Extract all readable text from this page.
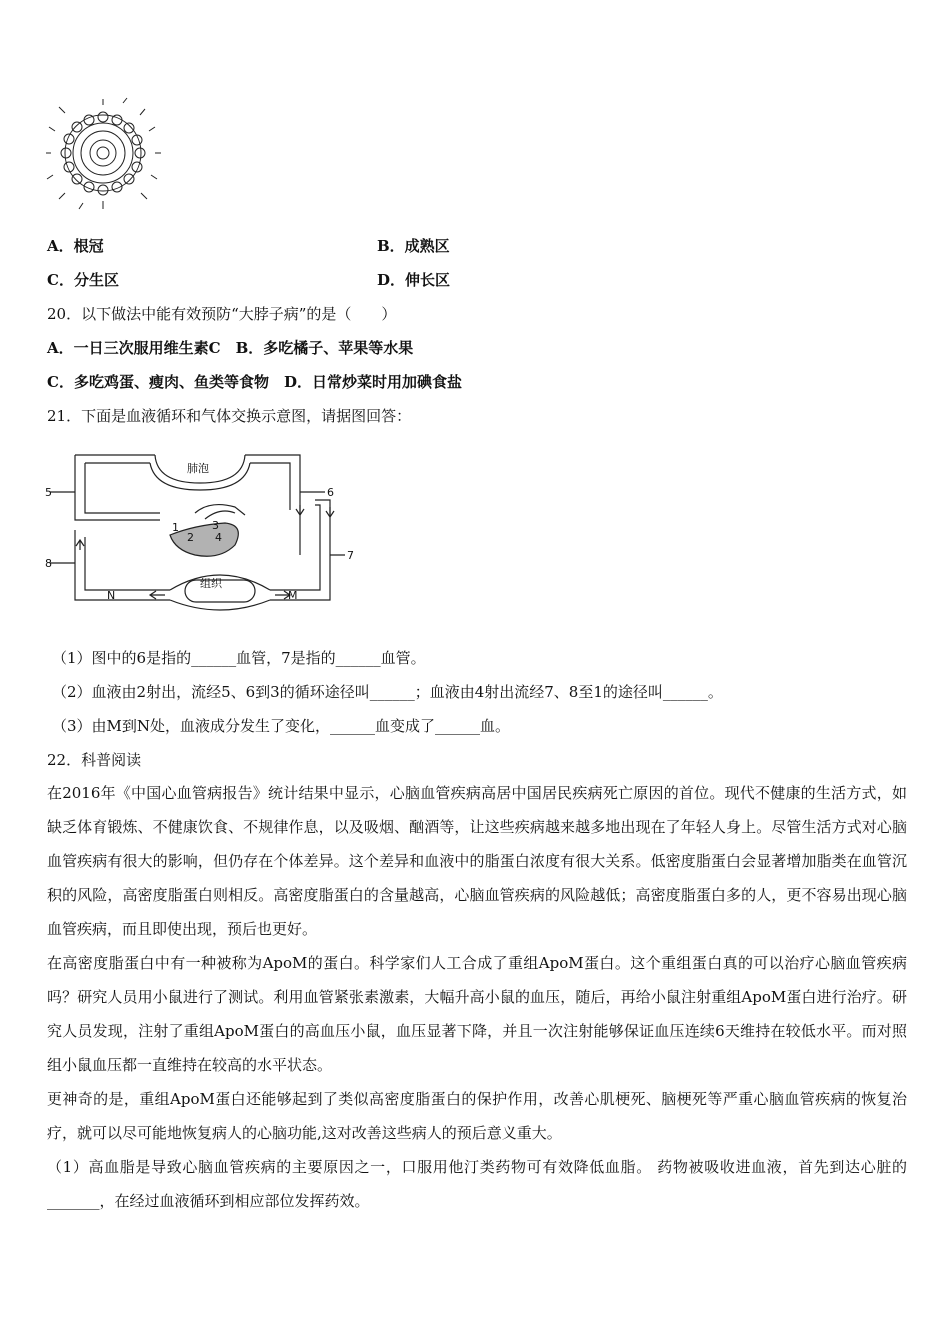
A．根冠	B．成熟区
C．分生区	D．伸长区
20．以下做法中能有效预防“大脖子病”的是（　　）
A．一日三次服用维生素C　B．多吃橘子、苹果等水果
C．多吃鸡蛋、瘦肉、鱼类等食物　D．日常炒菜时用加碘食盐
21．下面是血液循环和气体交换示意图，请据图回答：
肺泡
组织
1
2
3
4
5	6
7
8
N	M
（1）图中的6是指的______血管，7是指的______血管。
（2）血液由2射出，流经5、6到3的循环途径叫______；血液由4射出流经7、8至1的途径叫______。
（3）由M到N处，血液成分发生了变化，______血变成了______血。
22．科普阅读

在2016年《中国心血管病报告》统计结果中显示，心脑血管疾病高居中国居民疾病死亡原因的首位。现代不健康的生活方式，如缺乏体育锻炼、不健康饮食、不规律作息，以及吸烟、酗酒等，让这些疾病越来越多地出现在了年轻人身上。尽管生活方式对心脑血管疾病有很大的影响，但仍存在个体差异。这个差异和血液中的脂蛋白浓度有很大关系。低密度脂蛋白会显著增加脂类在血管沉积的风险，高密度脂蛋白则相反。高密度脂蛋白的含量越高，心脑血管疾病的风险越低；高密度脂蛋白多的人，更不容易出现心脑血管疾病，而且即使出现，预后也更好。

在高密度脂蛋白中有一种被称为ApoM的蛋白。科学家们人工合成了重组ApoM蛋白。这个重组蛋白真的可以治疗心脑血管疾病吗？研究人员用小鼠进行了测试。利用血管紧张素激素，大幅升高小鼠的血压，随后，再给小鼠注射重组ApoM蛋白进行治疗。研究人员发现，注射了重组ApoM蛋白的高血压小鼠，血压显著下降，并且一次注射能够保证血压连续6天维持在较低水平。而对照组小鼠血压都一直维持在较高的水平状态。

更神奇的是，重组ApoM蛋白还能够起到了类似高密度脂蛋白的保护作用，改善心肌梗死、脑梗死等严重心脑血管疾病的恢复治疗，就可以尽可能地恢复病人的心脑功能,这对改善这些病人的预后意义重大。

（1）高血脂是导致心脑血管疾病的主要原因之一，口服用他汀类药物可有效降低血脂。 药物被吸收进血液，首先到达心脏的_______，在经过血液循环到相应部位发挥药效。
